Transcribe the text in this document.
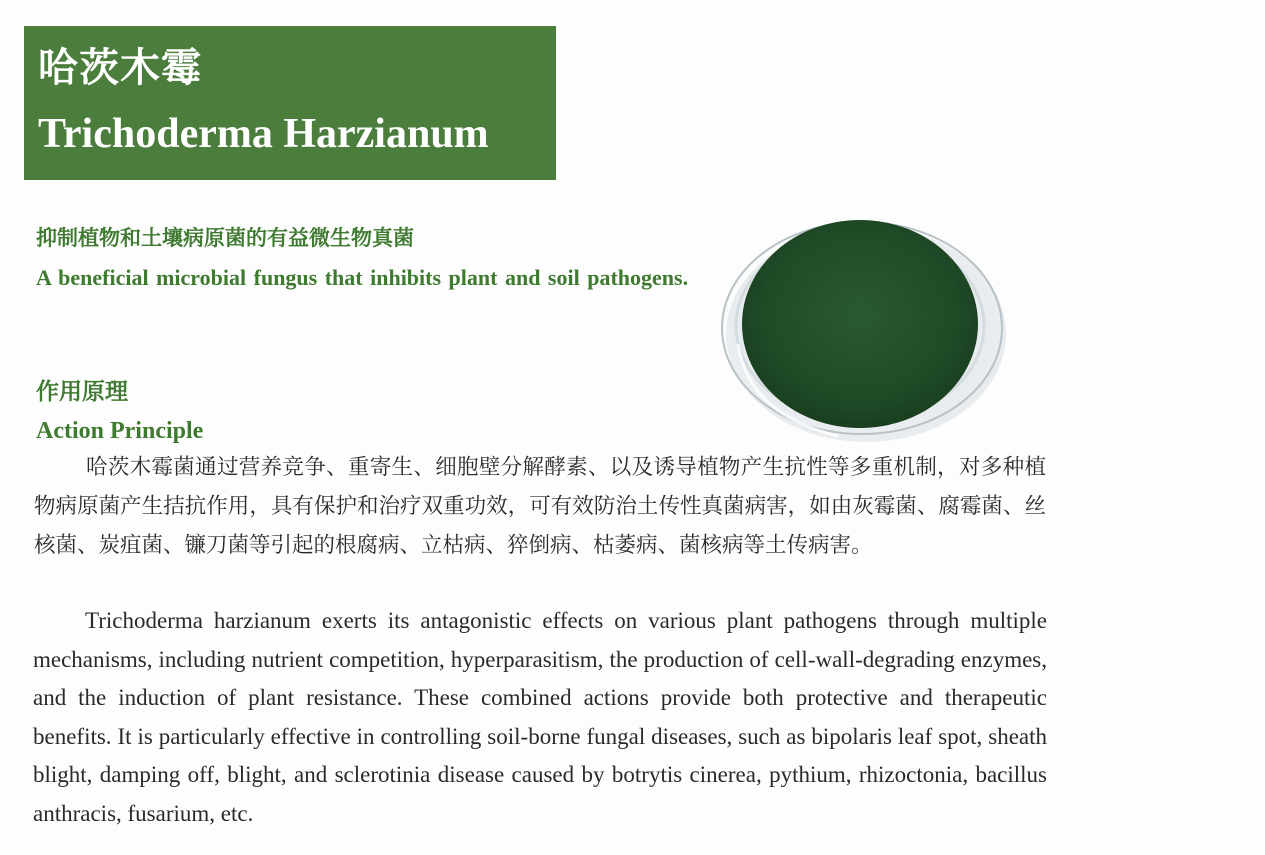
哈茨木霉
Trichoderma Harzianum
抑制植物和土壤病原菌的有益微生物真菌
A beneficial microbial fungus that inhibits plant and soil pathogens.
作用原理
Action Principle

哈茨木霉菌通过营养竞争、重寄生、细胞壁分解酵素、以及诱导植物产生抗性等多重机制，对多种植物病原菌产生拮抗作用，具有保护和治疗双重功效，可有效防治土传性真菌病害，如由灰霉菌、腐霉菌、丝核菌、炭疽菌、镰刀菌等引起的根腐病、立枯病、猝倒病、枯萎病、菌核病等土传病害。

Trichoderma harzianum exerts its antagonistic effects on various plant pathogens through multiple mechanisms, including nutrient competition, hyperparasitism, the production of cell-wall-degrading enzymes, and the induction of plant resistance. These combined actions provide both protective and therapeutic benefits. It is particularly effective in controlling soil-borne fungal diseases, such as bipolaris leaf spot, sheath blight, damping off, blight, and sclerotinia disease caused by botrytis cinerea, pythium, rhizoctonia, bacillus anthracis, fusarium, etc.
